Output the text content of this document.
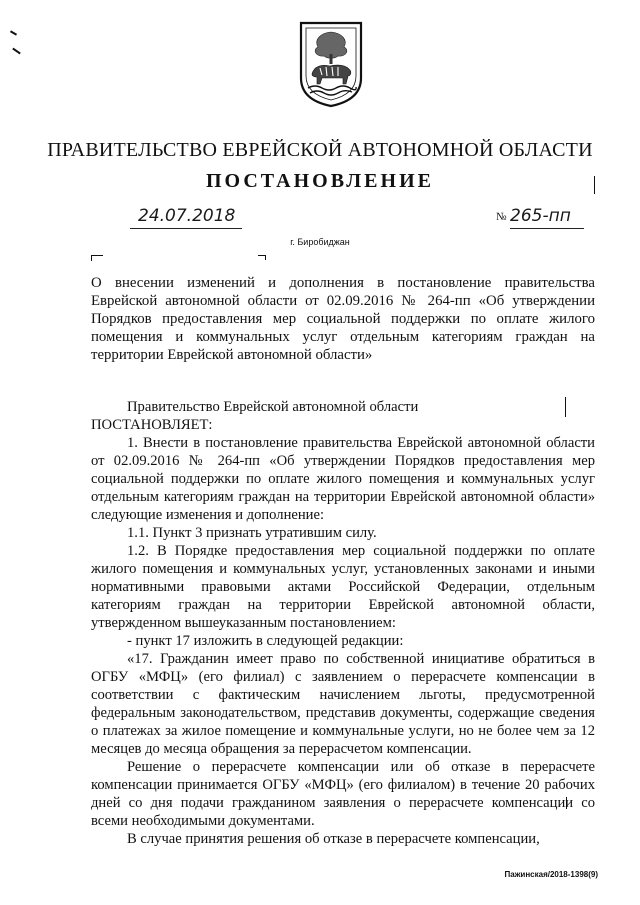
ПРАВИТЕЛЬСТВО ЕВРЕЙСКОЙ АВТОНОМНОЙ ОБЛАСТИ
ПОСТАНОВЛЕНИЕ
24.07.2018	№ 265-пп
г. Биробиджан
О внесении изменений и дополнения в постановление правительства Еврейской автономной области от 02.09.2016 № 264-пп «Об утверждении Порядков предоставления мер социальной поддержки по оплате жилого помещения и коммунальных услуг отдельным категориям граждан на территории Еврейской автономной области»

Правительство Еврейской автономной области

ПОСТАНОВЛЯЕТ:

1. Внести в постановление правительства Еврейской автономной области от 02.09.2016 № 264-пп «Об утверждении Порядков предоставления мер социальной поддержки по оплате жилого помещения и коммунальных услуг отдельным категориям граждан на территории Еврейской автономной области» следующие изменения и дополнение:

1.1. Пункт 3 признать утратившим силу.

1.2. В Порядке предоставления мер социальной поддержки по оплате жилого помещения и коммунальных услуг, установленных законами и иными нормативными правовыми актами Российской Федерации, отдельным категориям граждан на территории Еврейской автономной области, утвержденном вышеуказанным постановлением:

- пункт 17 изложить в следующей редакции:

«17. Гражданин имеет право по собственной инициативе обратиться в ОГБУ «МФЦ» (его филиал) с заявлением о перерасчете компенсации в соответствии с фактическим начислением льготы, предусмотренной федеральным законодательством, представив документы, содержащие сведения о платежах за жилое помещение и коммунальные услуги, но не более чем за 12 месяцев до месяца обращения за перерасчетом компенсации.

Решение о перерасчете компенсации или об отказе в перерасчете компенсации принимается ОГБУ «МФЦ» (его филиалом) в течение 20 рабочих дней со дня подачи гражданином заявления о перерасчете компенсации со всеми необходимыми документами.

В случае принятия решения об отказе в перерасчете компенсации,

Пажинская/2018-1398(9)
